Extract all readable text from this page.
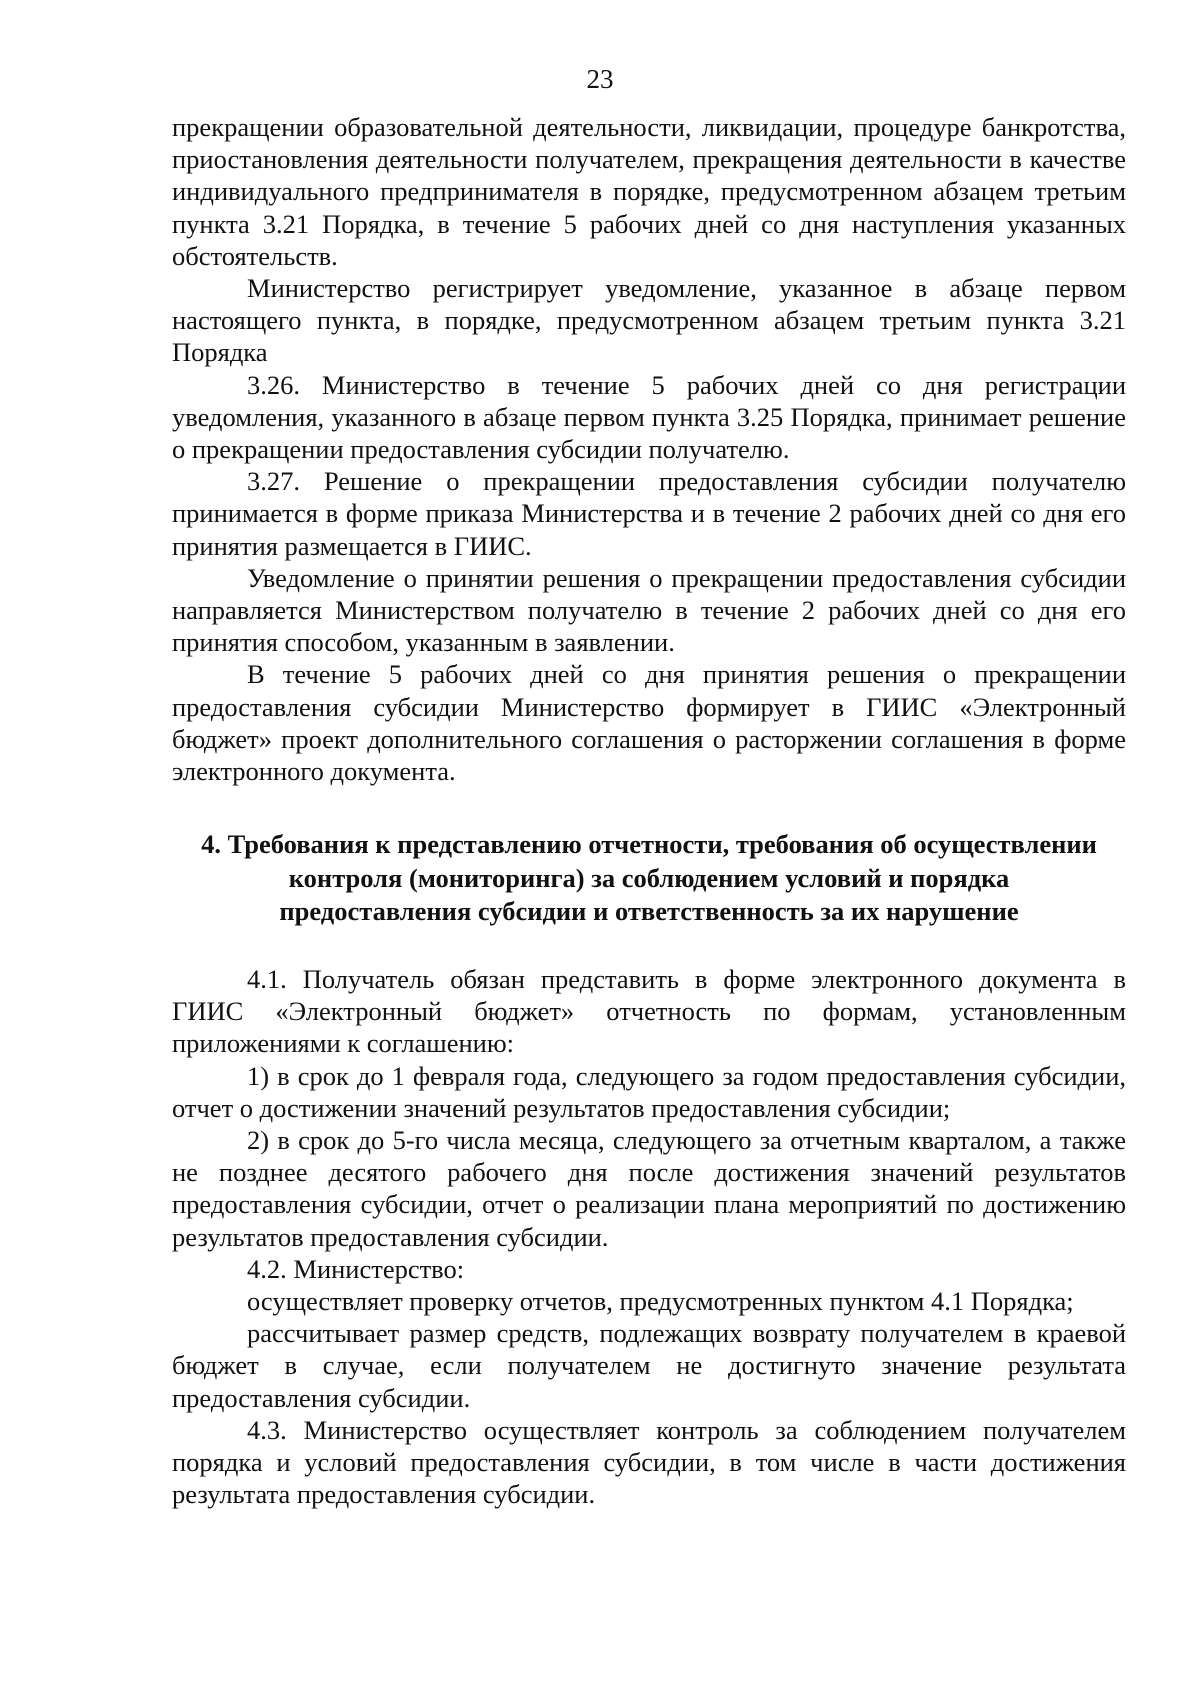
23

прекращении образовательной деятельности, ликвидации, процедуре банкротства, приостановления деятельности получателем, прекращения деятельности в качестве индивидуального предпринимателя в порядке, предусмотренном абзацем третьим пункта 3.21 Порядка, в течение 5 рабочих дней со дня наступления указанных обстоятельств.

Министерство регистрирует уведомление, указанное в абзаце первом настоящего пункта, в порядке, предусмотренном абзацем третьим пункта 3.21 Порядка

3.26. Министерство в течение 5 рабочих дней со дня регистрации уведомления, указанного в абзаце первом пункта 3.25 Порядка, принимает решение о прекращении предоставления субсидии получателю.

3.27. Решение о прекращении предоставления субсидии получателю принимается в форме приказа Министерства и в течение 2 рабочих дней со дня его принятия размещается в ГИИС.

Уведомление о принятии решения о прекращении предоставления субсидии направляется Министерством получателю в течение 2 рабочих дней со дня его принятия способом, указанным в заявлении.

В течение 5 рабочих дней со дня принятия решения о прекращении предоставления субсидии Министерство формирует в ГИИС «Электронный бюджет» проект дополнительного соглашения о расторжении соглашения в форме электронного документа.

4. Требования к представлению отчетности, требования об осуществлении
контроля (мониторинга) за соблюдением условий и порядка
предоставления субсидии и ответственность за их нарушение

4.1. Получатель обязан представить в форме электронного документа в ГИИС «Электронный бюджет» отчетность по формам, установленным приложениями к соглашению:

1) в срок до 1 февраля года, следующего за годом предоставления субсидии, отчет о достижении значений результатов предоставления субсидии;

2) в срок до 5-го числа месяца, следующего за отчетным кварталом, а также не позднее десятого рабочего дня после достижения значений результатов предоставления субсидии, отчет о реализации плана мероприятий по достижению результатов предоставления субсидии.

4.2. Министерство:

осуществляет проверку отчетов, предусмотренных пунктом 4.1 Порядка;

рассчитывает размер средств, подлежащих возврату получателем в краевой бюджет в случае, если получателем не достигнуто значение результата предоставления субсидии.

4.3. Министерство осуществляет контроль за соблюдением получателем порядка и условий предоставления субсидии, в том числе в части достижения результата предоставления субсидии.
